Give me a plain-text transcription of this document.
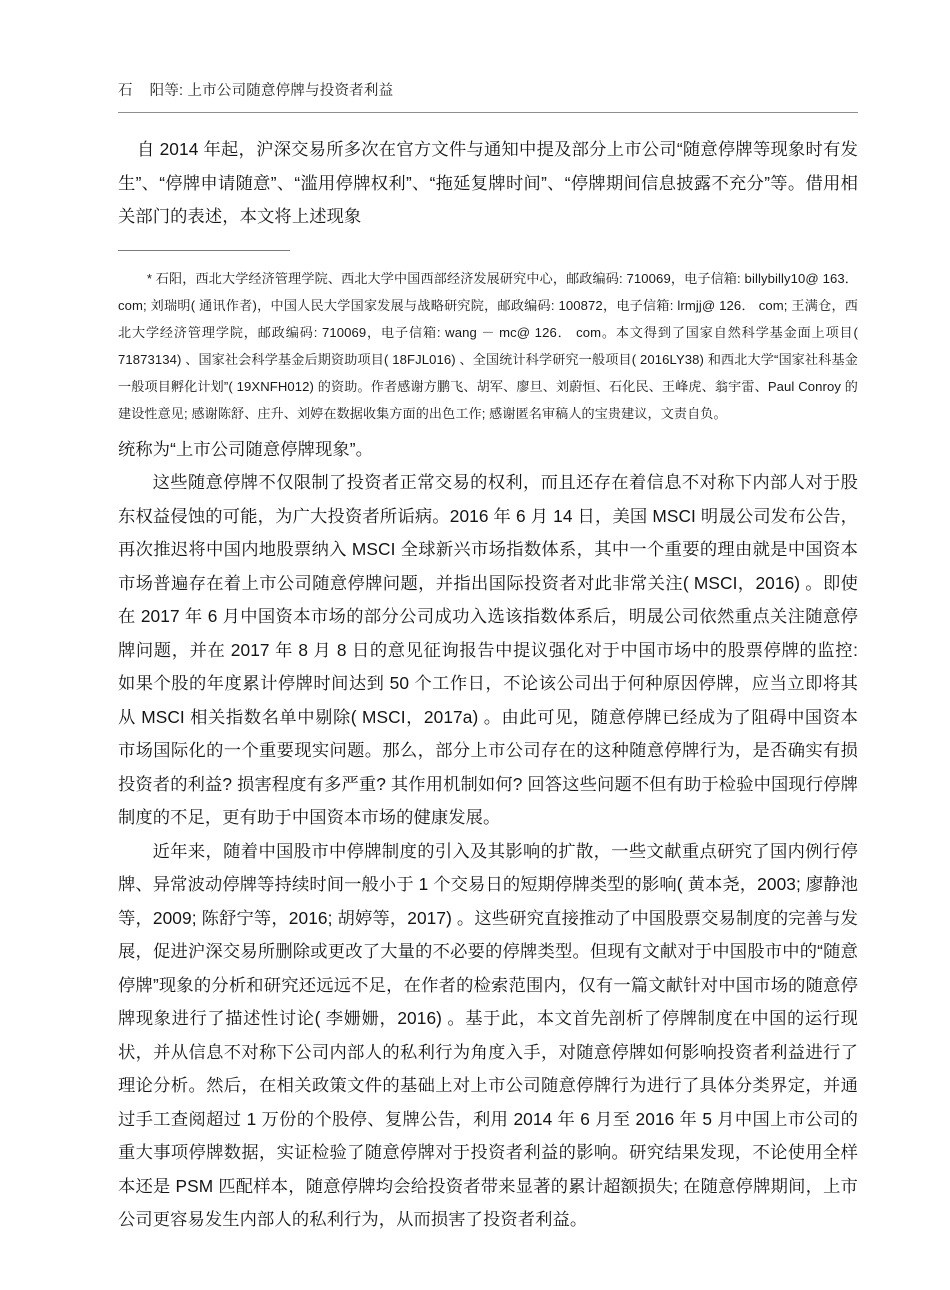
石    阳等: 上市公司随意停牌与投资者利益

自 2014 年起，沪深交易所多次在官方文件与通知中提及部分上市公司“随意停牌等现象时有发生”、“停牌申请随意”、“滥用停牌权利”、“拖延复牌时间”、“停牌期间信息披露不充分”等。借用相关部门的表述，本文将上述现象

* 石阳，西北大学经济管理学院、西北大学中国西部经济发展研究中心，邮政编码: 710069，电子信箱: billybilly10@ 163． com; 刘瑞明( 通讯作者)，中国人民大学国家发展与战略研究院，邮政编码: 100872，电子信箱: lrmjj@ 126． com; 王满仓，西北大学经济管理学院，邮政编码: 710069，电子信箱: wang － mc@ 126． com。本文得到了国家自然科学基金面上项目( 71873134) 、国家社会科学基金后期资助项目( 18FJL016) 、全国统计科学研究一般项目( 2016LY38) 和西北大学“国家社科基金一般项目孵化计划”( 19XNFH012) 的资助。作者感谢方鹏飞、胡军、廖旦、刘蔚恒、石化民、王峰虎、翁宇雷、Paul Conroy 的建设性意见; 感谢陈舒、庄升、刘婷在数据收集方面的出色工作; 感谢匿名审稿人的宝贵建议，文责自负。

统称为“上市公司随意停牌现象”。

这些随意停牌不仅限制了投资者正常交易的权利，而且还存在着信息不对称下内部人对于股东权益侵蚀的可能，为广大投资者所诟病。2016 年 6 月 14 日，美国 MSCI 明晟公司发布公告，再次推迟将中国内地股票纳入 MSCI 全球新兴市场指数体系，其中一个重要的理由就是中国资本市场普遍存在着上市公司随意停牌问题，并指出国际投资者对此非常关注( MSCI，2016) 。即使在 2017 年 6 月中国资本市场的部分公司成功入选该指数体系后，明晟公司依然重点关注随意停牌问题，并在 2017 年 8 月 8 日的意见征询报告中提议强化对于中国市场中的股票停牌的监控: 如果个股的年度累计停牌时间达到 50 个工作日，不论该公司出于何种原因停牌，应当立即将其从 MSCI 相关指数名单中剔除( MSCI，2017a) 。由此可见，随意停牌已经成为了阻碍中国资本市场国际化的一个重要现实问题。那么，部分上市公司存在的这种随意停牌行为，是否确实有损投资者的利益? 损害程度有多严重? 其作用机制如何? 回答这些问题不但有助于检验中国现行停牌制度的不足，更有助于中国资本市场的健康发展。

近年来，随着中国股市中停牌制度的引入及其影响的扩散，一些文献重点研究了国内例行停牌、异常波动停牌等持续时间一般小于 1 个交易日的短期停牌类型的影响( 黄本尧，2003; 廖静池等，2009; 陈舒宁等，2016; 胡婷等，2017) 。这些研究直接推动了中国股票交易制度的完善与发展，促进沪深交易所删除或更改了大量的不必要的停牌类型。但现有文献对于中国股市中的“随意停牌”现象的分析和研究还远远不足，在作者的检索范围内，仅有一篇文献针对中国市场的随意停牌现象进行了描述性讨论( 李姗姗，2016) 。基于此，本文首先剖析了停牌制度在中国的运行现状，并从信息不对称下公司内部人的私利行为角度入手，对随意停牌如何影响投资者利益进行了理论分析。然后，在相关政策文件的基础上对上市公司随意停牌行为进行了具体分类界定，并通过手工查阅超过 1 万份的个股停、复牌公告，利用 2014 年 6 月至 2016 年 5 月中国上市公司的重大事项停牌数据，实证检验了随意停牌对于投资者利益的影响。研究结果发现，不论使用全样本还是 PSM 匹配样本，随意停牌均会给投资者带来显著的累计超额损失; 在随意停牌期间，上市公司更容易发生内部人的私利行为，从而损害了投资者利益。
